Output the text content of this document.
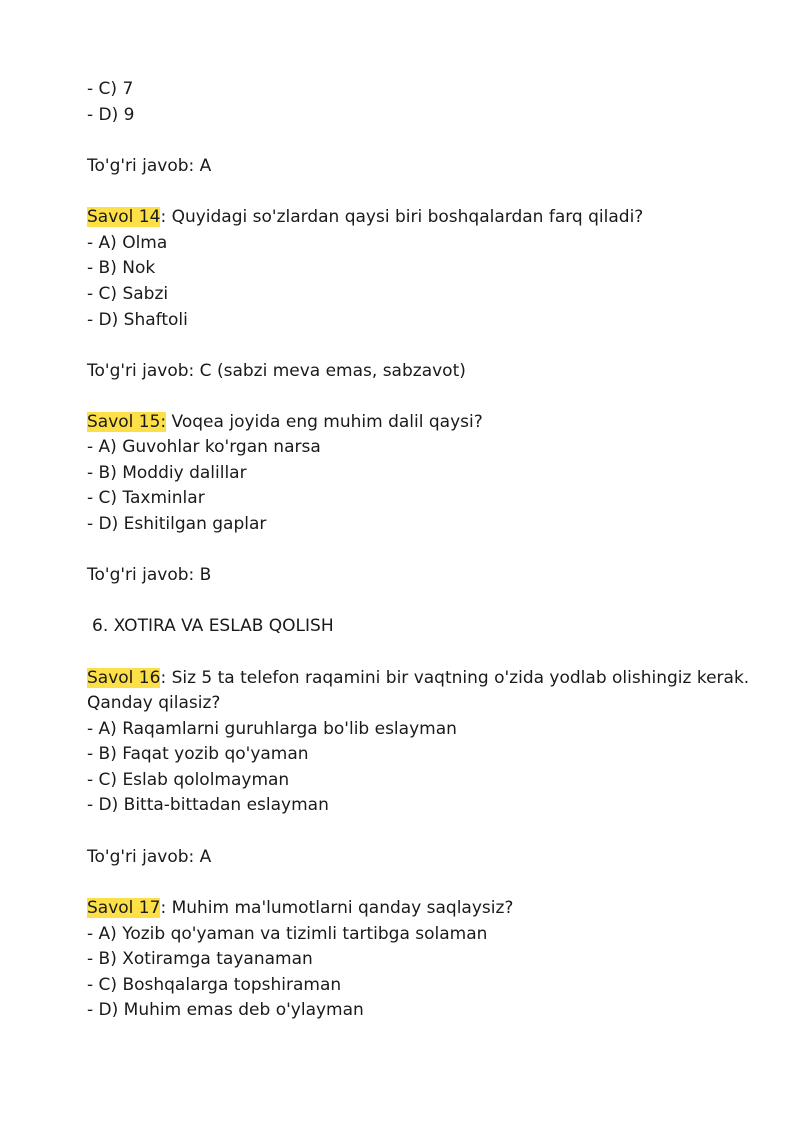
- C) 7
- D) 9
To'g'ri javob: A
Savol 14: Quyidagi so'zlardan qaysi biri boshqalardan farq qiladi?
- A) Olma
- B) Nok
- C) Sabzi
- D) Shaftoli
To'g'ri javob: C (sabzi meva emas, sabzavot)
Savol 15: Voqea joyida eng muhim dalil qaysi?
- A) Guvohlar ko'rgan narsa
- B) Moddiy dalillar
- C) Taxminlar
- D) Eshitilgan gaplar
To'g'ri javob: B
6. XOTIRA VA ESLAB QOLISH
Savol 16: Siz 5 ta telefon raqamini bir vaqtning o'zida yodlab olishingiz kerak.
Qanday qilasiz?
- A) Raqamlarni guruhlarga bo'lib eslayman
- B) Faqat yozib qo'yaman
- C) Eslab qololmayman
- D) Bitta-bittadan eslayman
To'g'ri javob: A
Savol 17: Muhim ma'lumotlarni qanday saqlaysiz?
- A) Yozib qo'yaman va tizimli tartibga solaman
- B) Xotiramga tayanaman
- C) Boshqalarga topshiraman
- D) Muhim emas deb o'ylayman
